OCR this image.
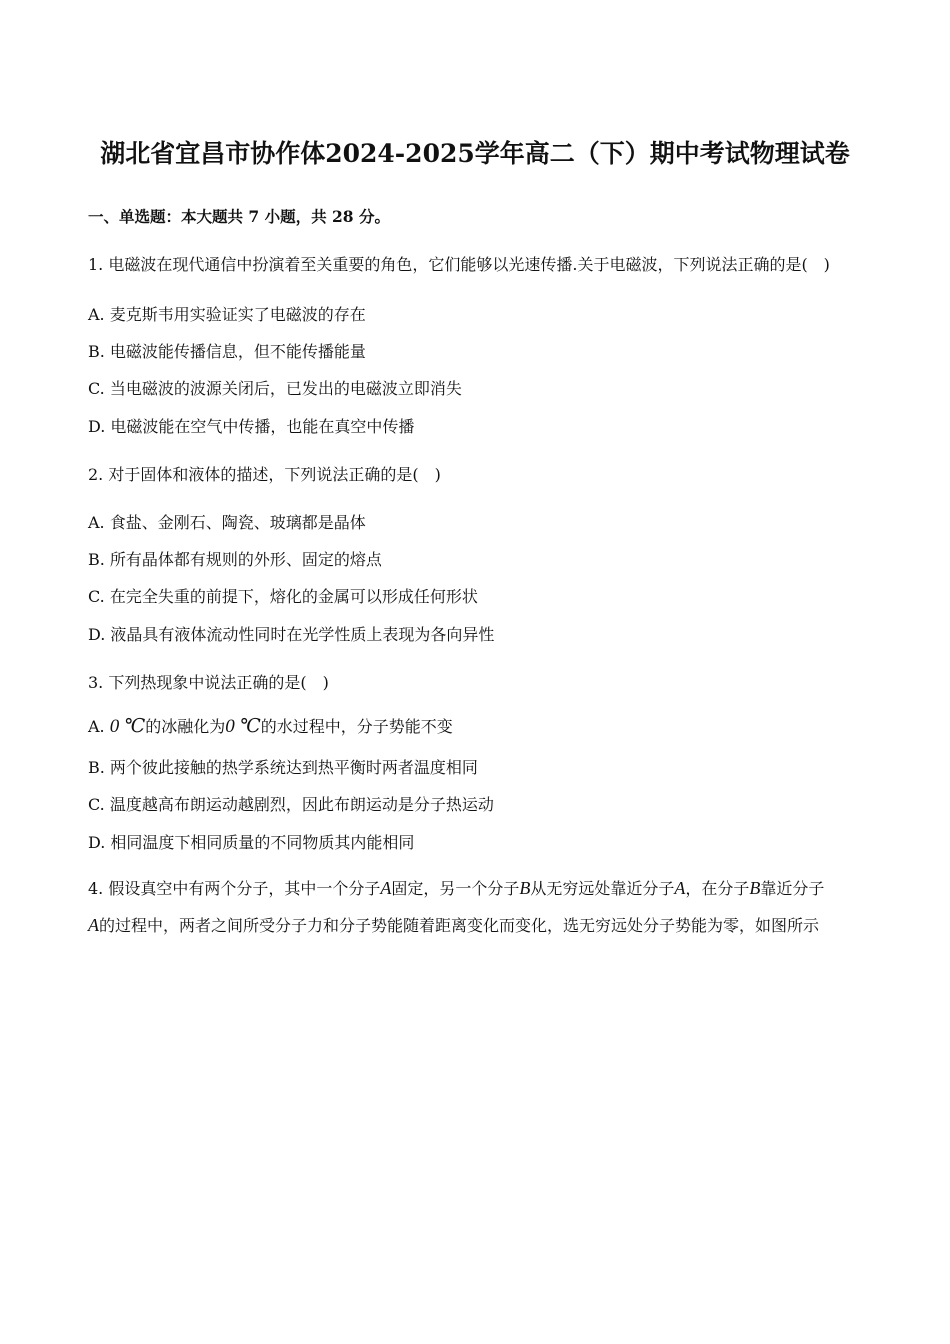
湖北省宜昌市协作体2024-2025学年高二（下）期中考试物理试卷
一、单选题：本大题共 7 小题，共 28 分。
1. 电磁波在现代通信中扮演着至关重要的角色，它们能够以光速传播.关于电磁波，下列说法正确的是(　)
A. 麦克斯韦用实验证实了电磁波的存在
B. 电磁波能传播信息，但不能传播能量
C. 当电磁波的波源关闭后，已发出的电磁波立即消失
D. 电磁波能在空气中传播，也能在真空中传播
2. 对于固体和液体的描述，下列说法正确的是(　)
A. 食盐、金刚石、陶瓷、玻璃都是晶体
B. 所有晶体都有规则的外形、固定的熔点
C. 在完全失重的前提下，熔化的金属可以形成任何形状
D. 液晶具有液体流动性同时在光学性质上表现为各向异性
3. 下列热现象中说法正确的是(　)
A. 0 ℃的冰融化为0 ℃的水过程中，分子势能不变
B. 两个彼此接触的热学系统达到热平衡时两者温度相同
C. 温度越高布朗运动越剧烈，因此布朗运动是分子热运动
D. 相同温度下相同质量的不同物质其内能相同
4. 假设真空中有两个分子，其中一个分子A固定，另一个分子B从无穷远处靠近分子A，在分子B靠近分子
A的过程中，两者之间所受分子力和分子势能随着距离变化而变化，选无穷远处分子势能为零，如图所示
